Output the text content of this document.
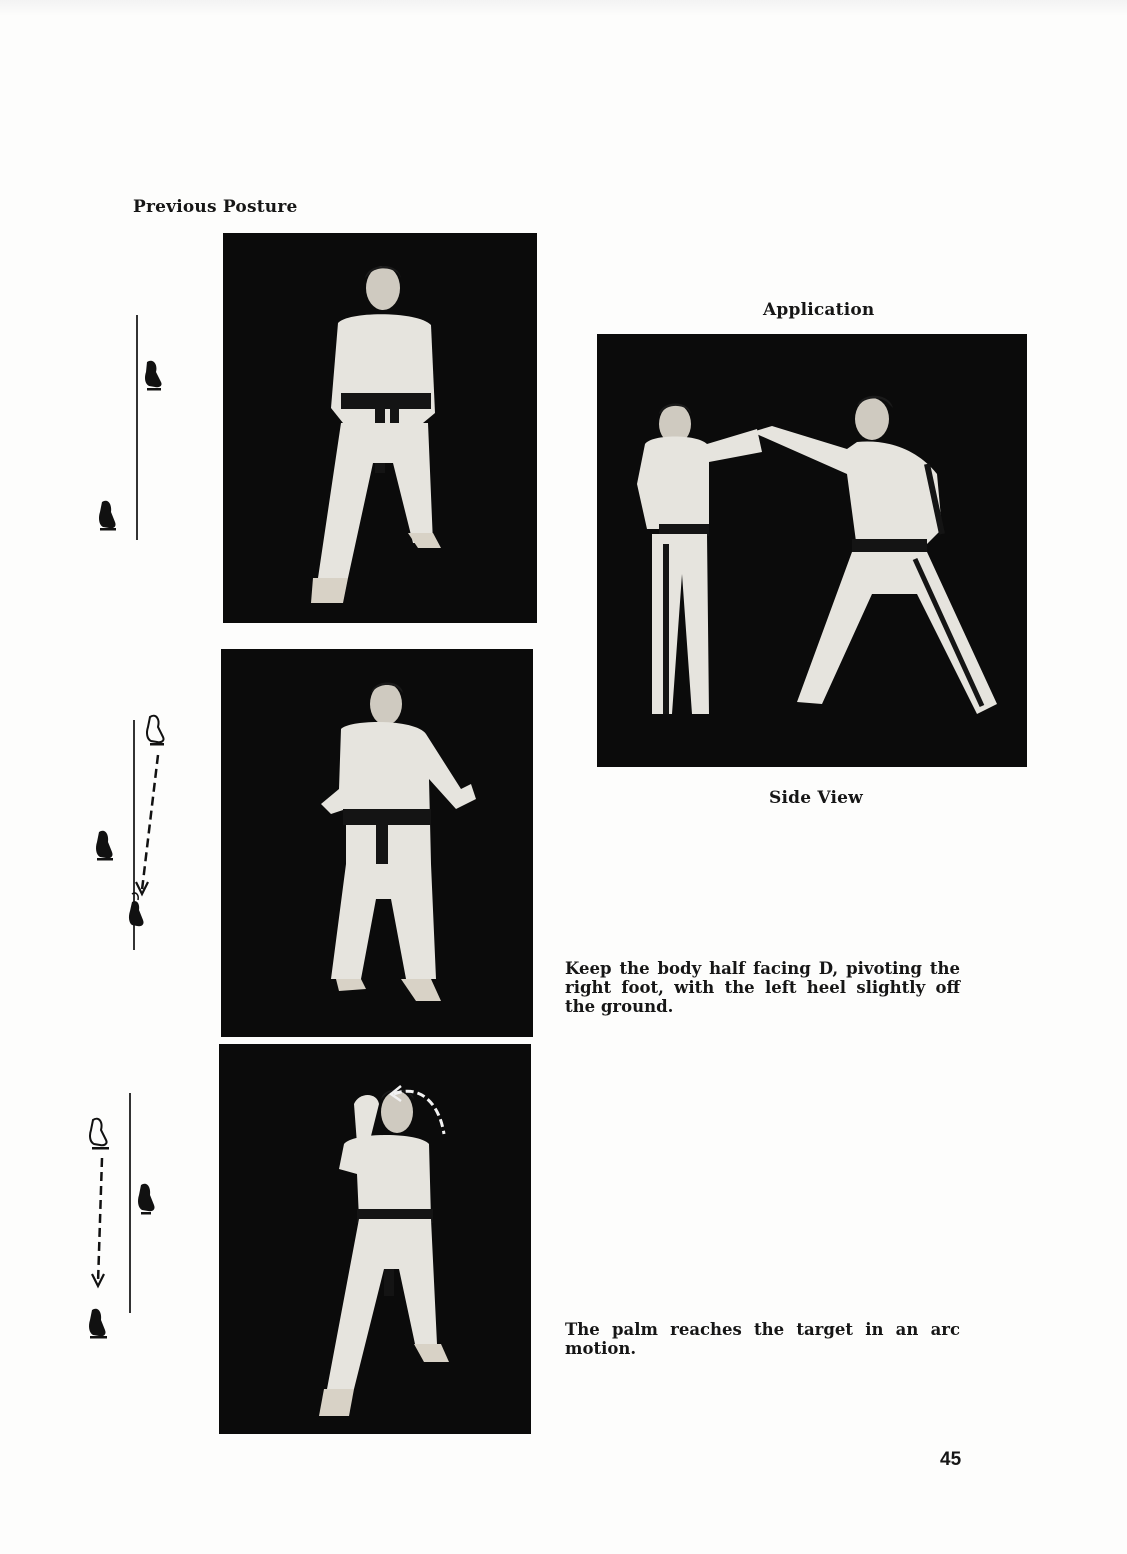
Previous Posture
Application
Side View
Keep the body half facing D, pivoting the right foot, with the left heel slightly off the ground.
The palm reaches the target in an arc motion.
45
